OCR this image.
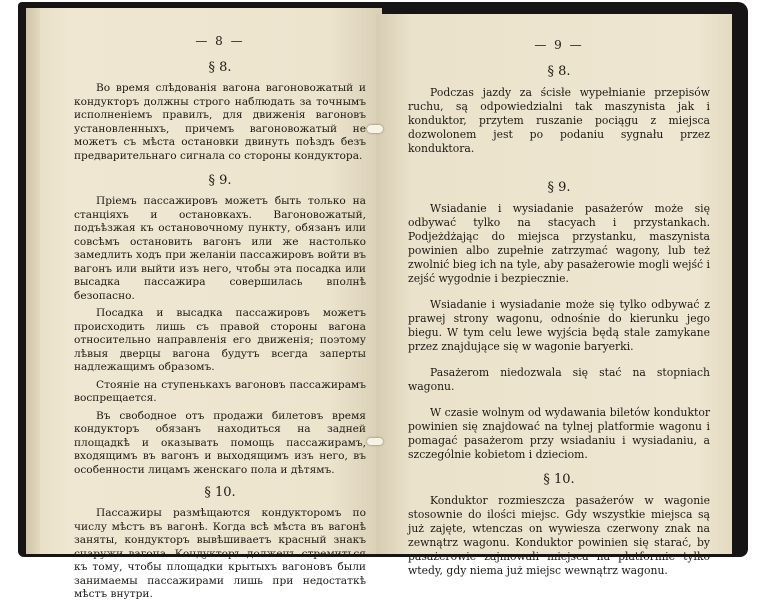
— 8 —
§ 8.

Во время слѣдованія вагона вагоновожатый и кондукторъ должны строго наблюдать за точнымъ исполненіемъ правилъ, для движенія вагоновъ установленныхъ, причемъ вагоновожатый не можетъ съ мѣста остановки двинуть поѣздъ безъ предварительнаго сигнала со стороны кондуктора.

§ 9.

Пріемъ пассажировъ можетъ быть только на станціяхъ и остановкахъ. Вагоновожатый, подъѣзжая къ остановочному пункту, обязанъ или совсѣмъ остановить вагонъ или же настолько замедлить ходъ при желаніи пассажировъ войти въ вагонъ или выйти изъ него, чтобы эта посадка или высадка пассажира совершилась вполнѣ безопасно.

Посадка и высадка пассажировъ можетъ происходить лишь съ правой стороны вагона относительно направленія его движенія; поэтому лѣвыя дверцы вагона будутъ всегда заперты надлежащимъ образомъ.

Стояніе на ступенькахъ вагоновъ пассажирамъ воспрещается.

Въ свободное отъ продажи билетовъ время кондукторъ обязанъ находиться на задней площадкѣ и оказывать помощь пассажирамъ, входящимъ въ вагонъ и выходящимъ изъ него, въ особенности лицамъ женскаго пола и дѣтямъ.

§ 10.

Пассажиры размѣщаются кондукторомъ по числу мѣстъ въ вагонѣ. Когда всѣ мѣста въ вагонѣ заняты, кондукторъ вывѣшиваетъ красный знакъ снаружи вагона. Кондукторъ долженъ стремиться къ тому, чтобы площадки крытыхъ вагоновъ были занимаемы пассажирами лишь при недостаткѣ мѣстъ внутри.

— 9 —
§ 8.

Podczas jazdy za ścisłe wypełnianie przepisów ruchu, są odpowiedzialni tak maszynista jak i konduktor, przytem ruszanie pociągu z miejsca dozwolonem jest po podaniu sygnału przez konduktora.

§ 9.

Wsiadanie i wysiadanie pasażerów może się odbywać tylko na stacyach i przystankach. Podjeżdżając do miejsca przystanku, maszynista powinien albo zupełnie zatrzymać wagony, lub też zwolnić bieg ich na tyle, aby pasażerowie mogli wejść i zejść wygodnie i bezpiecznie.

Wsiadanie i wysiadanie może się tylko odbywać z prawej strony wagonu, odnośnie do kierunku jego biegu. W tym celu lewe wyjścia będą stale zamykane przez znajdujące się w wagonie baryerki.

Pasażerom niedozwala się stać na stopniach wagonu.

W czasie wolnym od wydawania biletów konduktor powinien się znajdować na tylnej platformie wagonu i pomagać pasażerom przy wsiadaniu i wysiadaniu, a szczególnie kobietom i dzieciom.

§ 10.

Konduktor rozmieszcza pasażerów w wagonie stosownie do ilości miejsc. Gdy wszystkie miejsca są już zajęte, wtenczas on wywiesza czerwony znak na zewnątrz wagonu. Konduktor powinien się starać, by pasażerowie zajmowali miejsca na platformie tylko wtedy, gdy niema już miejsc wewnątrz wagonu.
